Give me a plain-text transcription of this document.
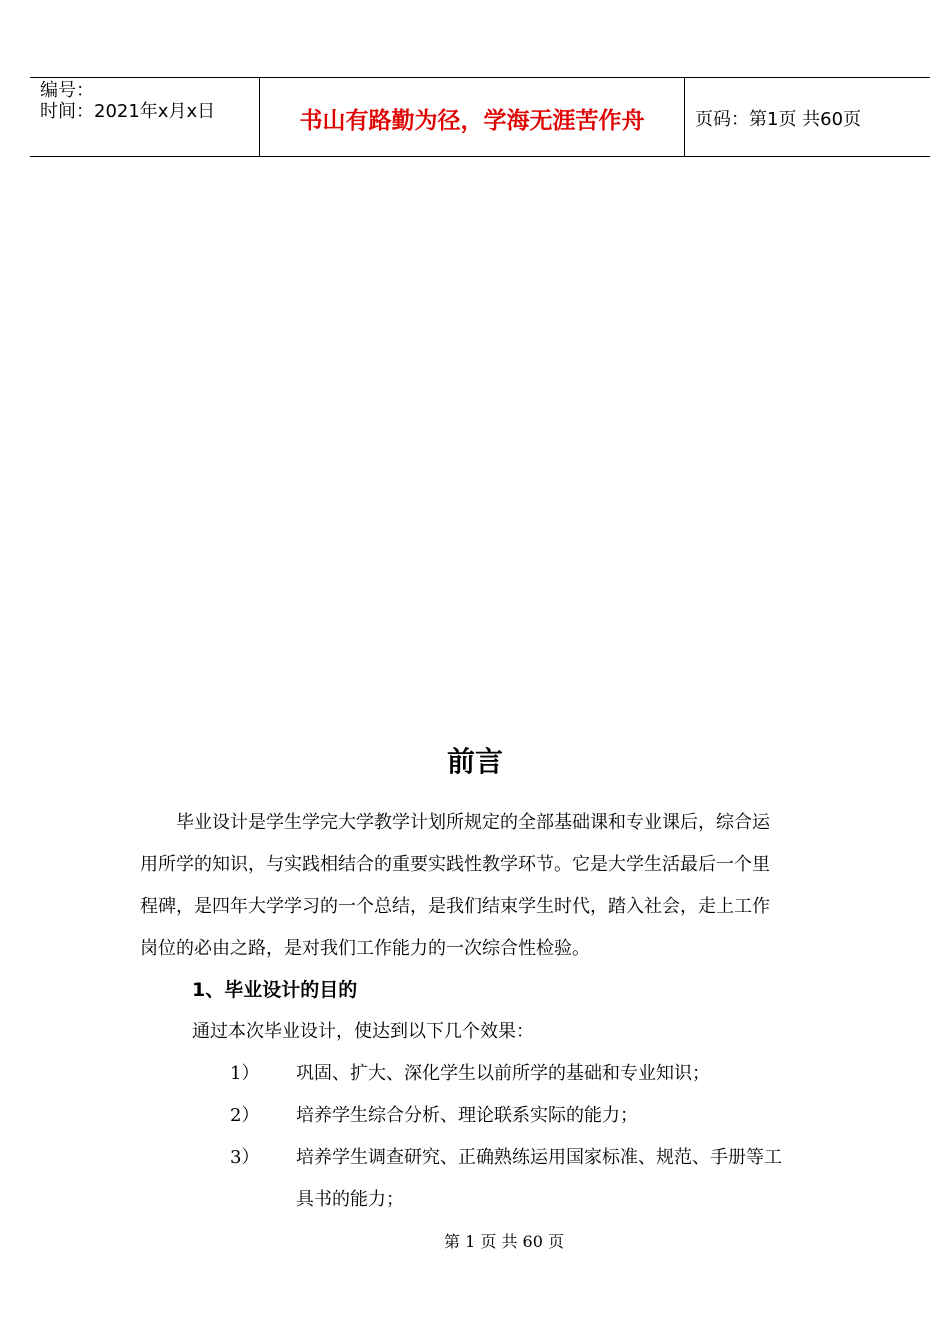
编号：
时间：2021年x月x日	书山有路勤为径，学海无涯苦作舟	页码：第1页 共60页
前言

毕业设计是学生学完大学教学计划所规定的全部基础课和专业课后，综合运
用所学的知识，与实践相结合的重要实践性教学环节。它是大学生活最后一个里
程碑，是四年大学学习的一个总结，是我们结束学生时代，踏入社会，走上工作
岗位的必由之路，是对我们工作能力的一次综合性检验。

1、毕业设计的目的
通过本次毕业设计，使达到以下几个效果：
1） 巩固、扩大、深化学生以前所学的基础和专业知识；
2） 培养学生综合分析、理论联系实际的能力；
3） 培养学生调查研究、正确熟练运用国家标准、规范、手册等工
具书的能力；
第 1 页 共 60 页
